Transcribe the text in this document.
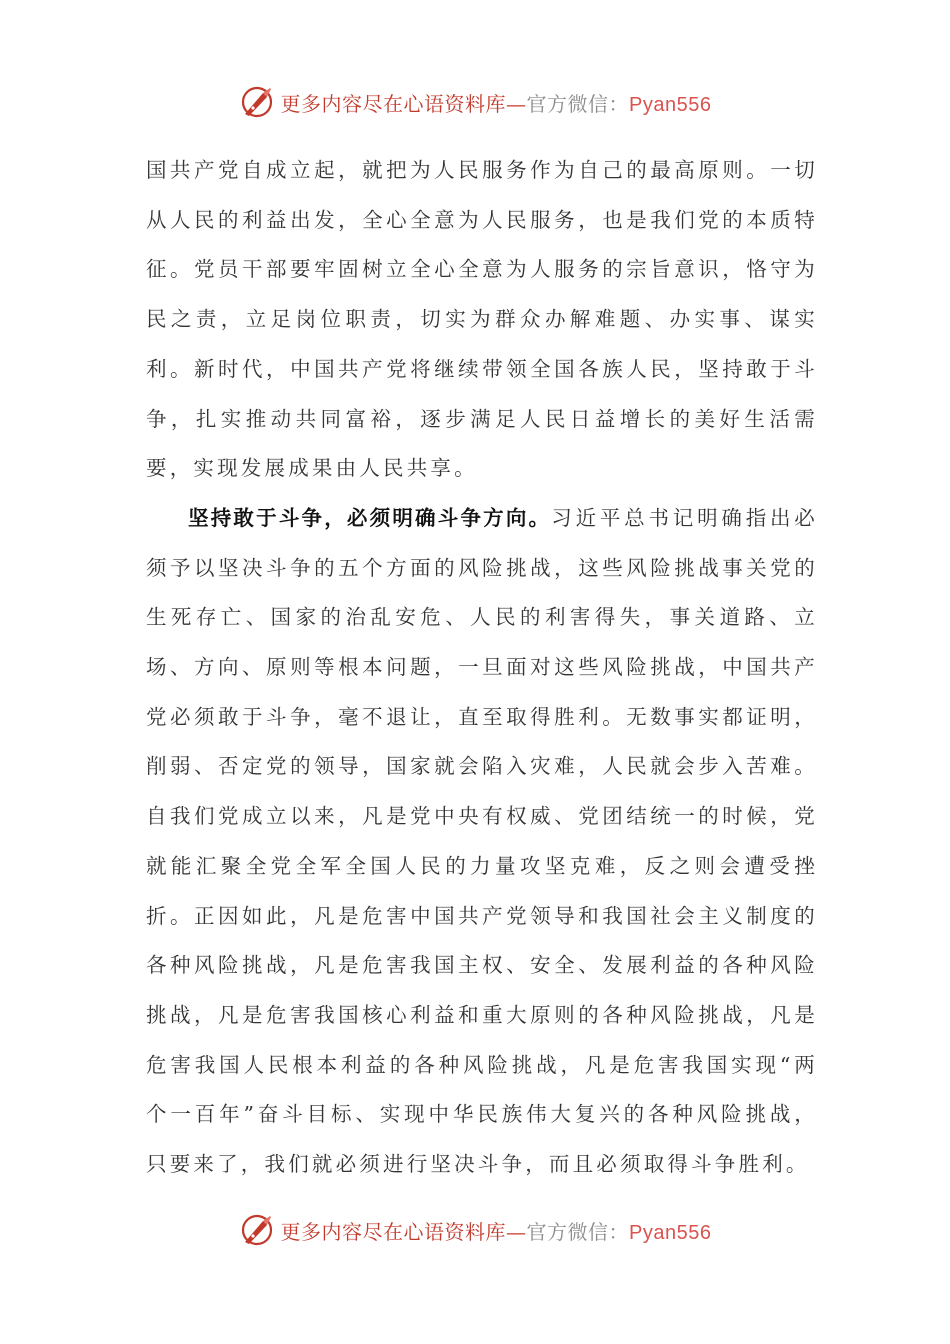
更多内容尽在心语资料库—官方微信：Pyan556

国共产党自成立起，就把为人民服务作为自己的最高原则。一切从人民的利益出发，全心全意为人民服务，也是我们党的本质特征。党员干部要牢固树立全心全意为人服务的宗旨意识，恪守为民之责，立足岗位职责，切实为群众办解难题、办实事、谋实利。新时代，中国共产党将继续带领全国各族人民，坚持敢于斗争，扎实推动共同富裕，逐步满足人民日益增长的美好生活需要，实现发展成果由人民共享。

坚持敢于斗争，必须明确斗争方向。习近平总书记明确指出必须予以坚决斗争的五个方面的风险挑战，这些风险挑战事关党的生死存亡、国家的治乱安危、人民的利害得失，事关道路、立场、方向、原则等根本问题，一旦面对这些风险挑战，中国共产党必须敢于斗争，毫不退让，直至取得胜利。无数事实都证明，削弱、否定党的领导，国家就会陷入灾难，人民就会步入苦难。自我们党成立以来，凡是党中央有权威、党团结统一的时候，党就能汇聚全党全军全国人民的力量攻坚克难，反之则会遭受挫折。正因如此，凡是危害中国共产党领导和我国社会主义制度的各种风险挑战，凡是危害我国主权、安全、发展利益的各种风险挑战，凡是危害我国核心利益和重大原则的各种风险挑战，凡是危害我国人民根本利益的各种风险挑战，凡是危害我国实现“两个一百年”奋斗目标、实现中华民族伟大复兴的各种风险挑战，只要来了，我们就必须进行坚决斗争，而且必须取得斗争胜利。

更多内容尽在心语资料库—官方微信：Pyan556
